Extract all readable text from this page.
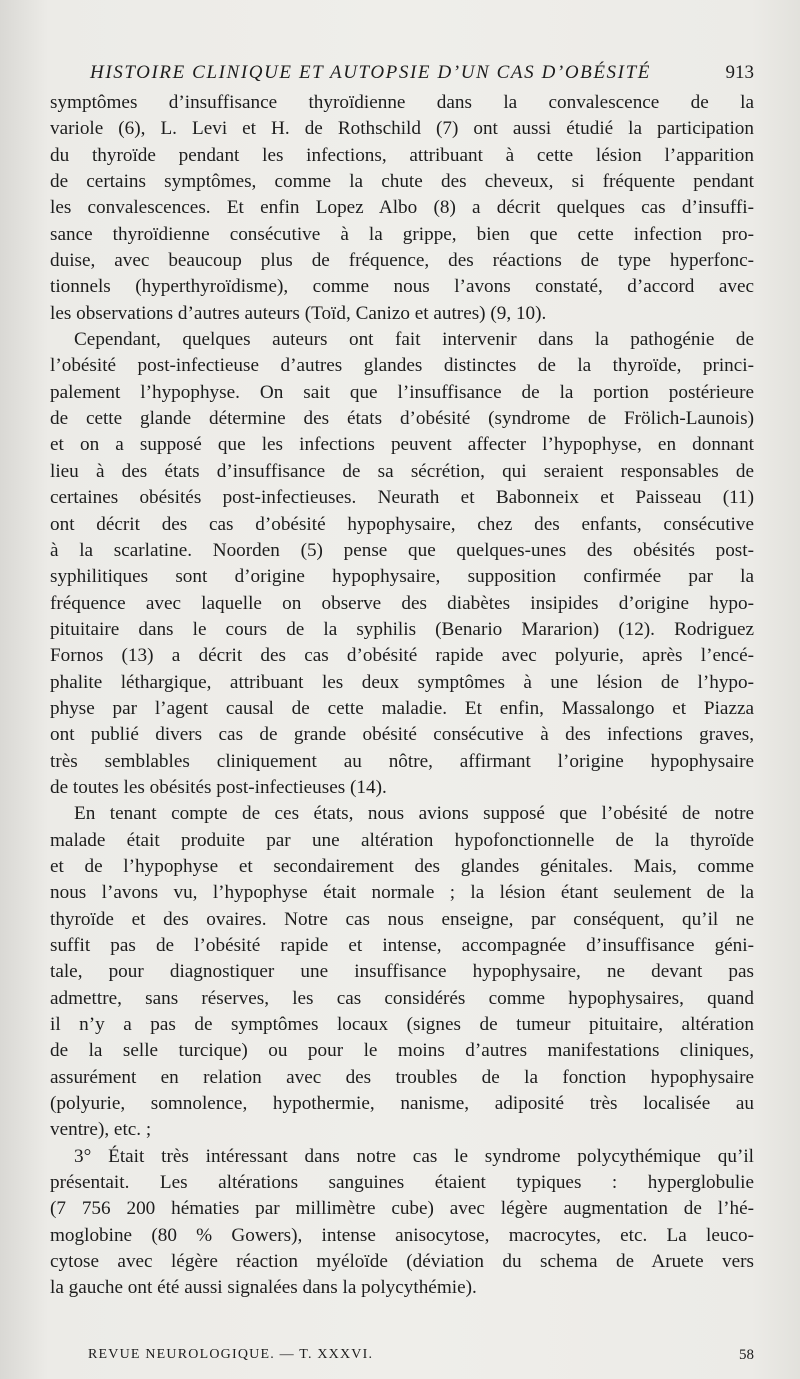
HISTOIRE CLINIQUE ET AUTOPSIE D’UN CAS D’OBÉSITÉ	913
symptômes d’insuffisance thyroïdienne dans la convalescence de la
variole (6), L. Levi et H. de Rothschild (7) ont aussi étudié la participation
du thyroïde pendant les infections, attribuant à cette lésion l’apparition
de certains symptômes, comme la chute des cheveux, si fréquente pendant
les convalescences. Et enfin Lopez Albo (8) a décrit quelques cas d’insuffi-
sance thyroïdienne consécutive à la grippe, bien que cette infection pro-
duise, avec beaucoup plus de fréquence, des réactions de type hyperfonc-
tionnels (hyperthyroïdisme), comme nous l’avons constaté, d’accord avec
les observations d’autres auteurs (Toïd, Canizo et autres) (9, 10).
Cependant, quelques auteurs ont fait intervenir dans la pathogénie de
l’obésité post-infectieuse d’autres glandes distinctes de la thyroïde, princi-
palement l’hypophyse. On sait que l’insuffisance de la portion postérieure
de cette glande détermine des états d’obésité (syndrome de Frölich-Launois)
et on a supposé que les infections peuvent affecter l’hypophyse, en donnant
lieu à des états d’insuffisance de sa sécrétion, qui seraient responsables de
certaines obésités post-infectieuses. Neurath et Babonneix et Paisseau (11)
ont décrit des cas d’obésité hypophysaire, chez des enfants, consécutive
à la scarlatine. Noorden (5) pense que quelques-unes des obésités post-
syphilitiques sont d’origine hypophysaire, supposition confirmée par la
fréquence avec laquelle on observe des diabètes insipides d’origine hypo-
pituitaire dans le cours de la syphilis (Benario Mararion) (12). Rodriguez
Fornos (13) a décrit des cas d’obésité rapide avec polyurie, après l’encé-
phalite léthargique, attribuant les deux symptômes à une lésion de l’hypo-
physe par l’agent causal de cette maladie. Et enfin, Massalongo et Piazza
ont publié divers cas de grande obésité consécutive à des infections graves,
très semblables cliniquement au nôtre, affirmant l’origine hypophysaire
de toutes les obésités post-infectieuses (14).
En tenant compte de ces états, nous avions supposé que l’obésité de notre
malade était produite par une altération hypofonctionnelle de la thyroïde
et de l’hypophyse et secondairement des glandes génitales. Mais, comme
nous l’avons vu, l’hypophyse était normale ; la lésion étant seulement de la
thyroïde et des ovaires. Notre cas nous enseigne, par conséquent, qu’il ne
suffit pas de l’obésité rapide et intense, accompagnée d’insuffisance géni-
tale, pour diagnostiquer une insuffisance hypophysaire, ne devant pas
admettre, sans réserves, les cas considérés comme hypophysaires, quand
il n’y a pas de symptômes locaux (signes de tumeur pituitaire, altération
de la selle turcique) ou pour le moins d’autres manifestations cliniques,
assurément en relation avec des troubles de la fonction hypophysaire
(polyurie, somnolence, hypothermie, nanisme, adiposité très localisée au
ventre), etc. ;
3° Était très intéressant dans notre cas le syndrome polycythémique qu’il
présentait. Les altérations sanguines étaient typiques : hyperglobulie
(7 756 200 hématies par millimètre cube) avec légère augmentation de l’hé-
moglobine (80 % Gowers), intense anisocytose, macrocytes, etc. La leuco-
cytose avec légère réaction myéloïde (déviation du schema de Aruete vers
la gauche ont été aussi signalées dans la polycythémie).
REVUE NEUROLOGIQUE. — T. XXXVI.	58
